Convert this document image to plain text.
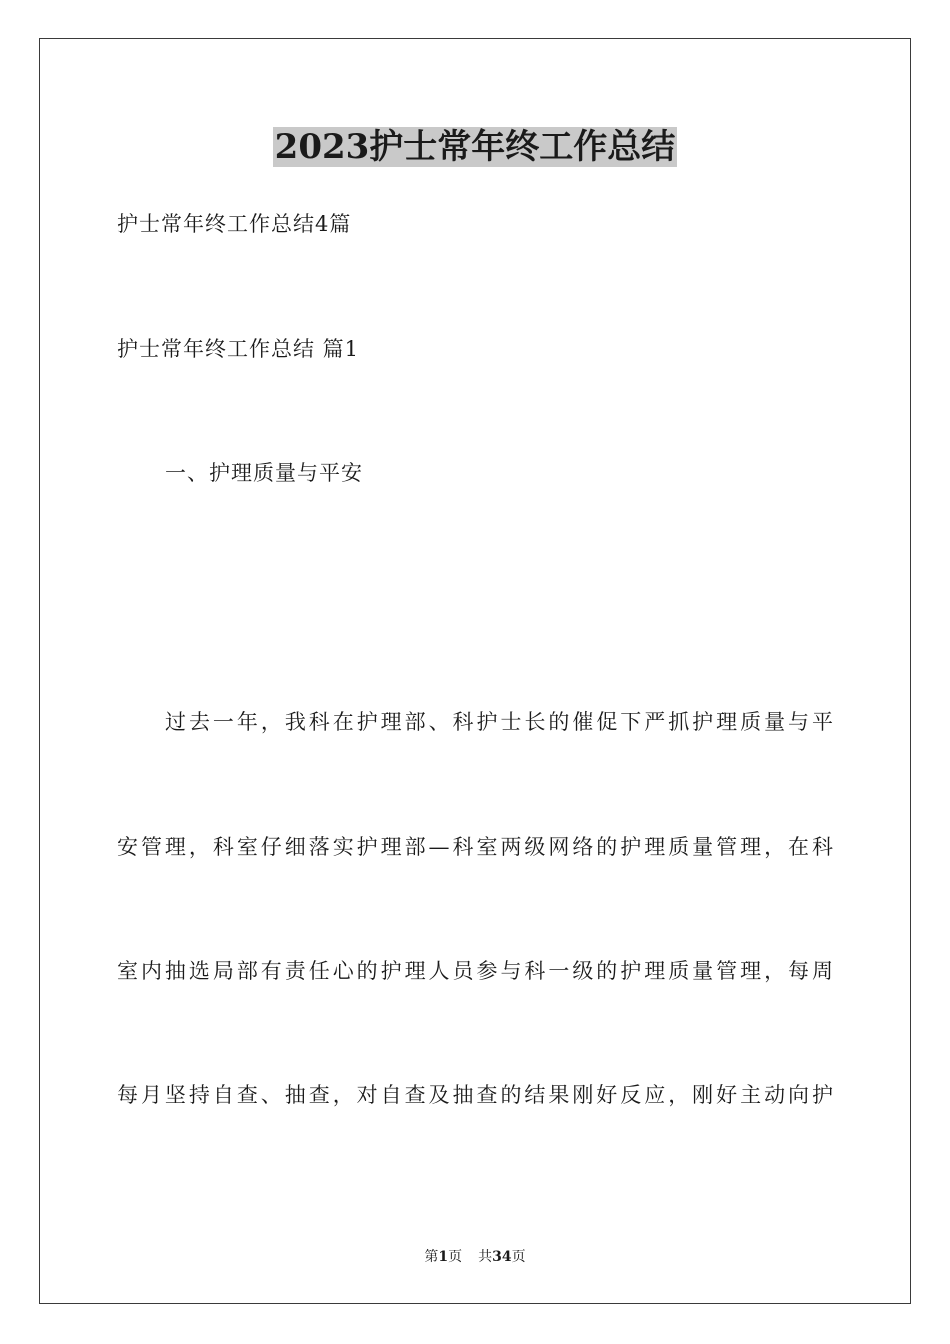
2023护士常年终工作总结

护士常年终工作总结4篇

护士常年终工作总结 篇1

一、护理质量与平安

过去一年，我科在护理部、科护士长的催促下严抓护理质量与平

安管理，科室仔细落实护理部—科室两级网络的护理质量管理，在科

室内抽选局部有责任心的护理人员参与科一级的护理质量管理，每周

每月坚持自查、抽查，对自查及抽查的结果刚好反应，刚好主动向护

第1页 共34页
